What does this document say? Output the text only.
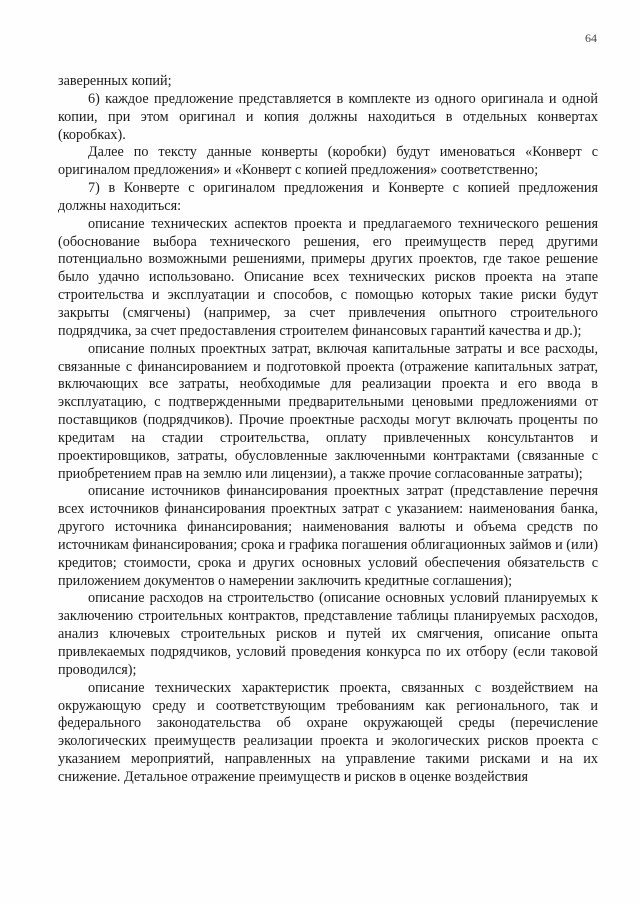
64

заверенных копий;

6) каждое предложение представляется в комплекте из одного оригинала и одной копии, при этом оригинал и копия должны находиться в отдельных конвертах (коробках).

Далее по тексту данные конверты (коробки) будут именоваться «Конверт с оригиналом предложения» и «Конверт с копией предложения» соответственно;

7) в Конверте с оригиналом предложения и Конверте с копией предложения должны находиться:

описание технических аспектов проекта и предлагаемого технического решения (обоснование выбора технического решения, его преимуществ перед другими потенциально возможными решениями, примеры других проектов, где такое решение было удачно использовано. Описание всех технических рисков проекта на этапе строительства и эксплуатации и способов, с помощью которых такие риски будут закрыты (смягчены) (например, за счет привлечения опытного строительного подрядчика, за счет предоставления строителем финансовых гарантий качества и др.);

описание полных проектных затрат, включая капитальные затраты и все расходы, связанные с финансированием и подготовкой проекта (отражение капитальных затрат, включающих все затраты, необходимые для реализации проекта и его ввода в эксплуатацию, с подтвержденными предварительными ценовыми предложениями от поставщиков (подрядчиков). Прочие проектные расходы могут включать проценты по кредитам на стадии строительства, оплату привлеченных консультантов и проектировщиков, затраты, обусловленные заключенными контрактами (связанные с приобретением прав на землю или лицензии), а также прочие согласованные затраты);

описание источников финансирования проектных затрат (представление перечня всех источников финансирования проектных затрат с указанием: наименования банка, другого источника финансирования; наименования валюты и объема средств по источникам финансирования; срока и графика погашения облигационных займов и (или) кредитов; стоимости, срока и других основных условий обеспечения обязательств с приложением документов о намерении заключить кредитные соглашения);

описание расходов на строительство (описание основных условий планируемых к заключению строительных контрактов, представление таблицы планируемых расходов, анализ ключевых строительных рисков и путей их смягчения, описание опыта привлекаемых подрядчиков, условий проведения конкурса по их отбору (если таковой проводился);

описание технических характеристик проекта, связанных с воздействием на окружающую среду и соответствующим требованиям как регионального, так и федерального законодательства об охране окружающей среды (перечисление экологических преимуществ реализации проекта и экологических рисков проекта с указанием мероприятий, направленных на управление такими рисками и на их снижение. Детальное отражение преимуществ и рисков в оценке воздействия
